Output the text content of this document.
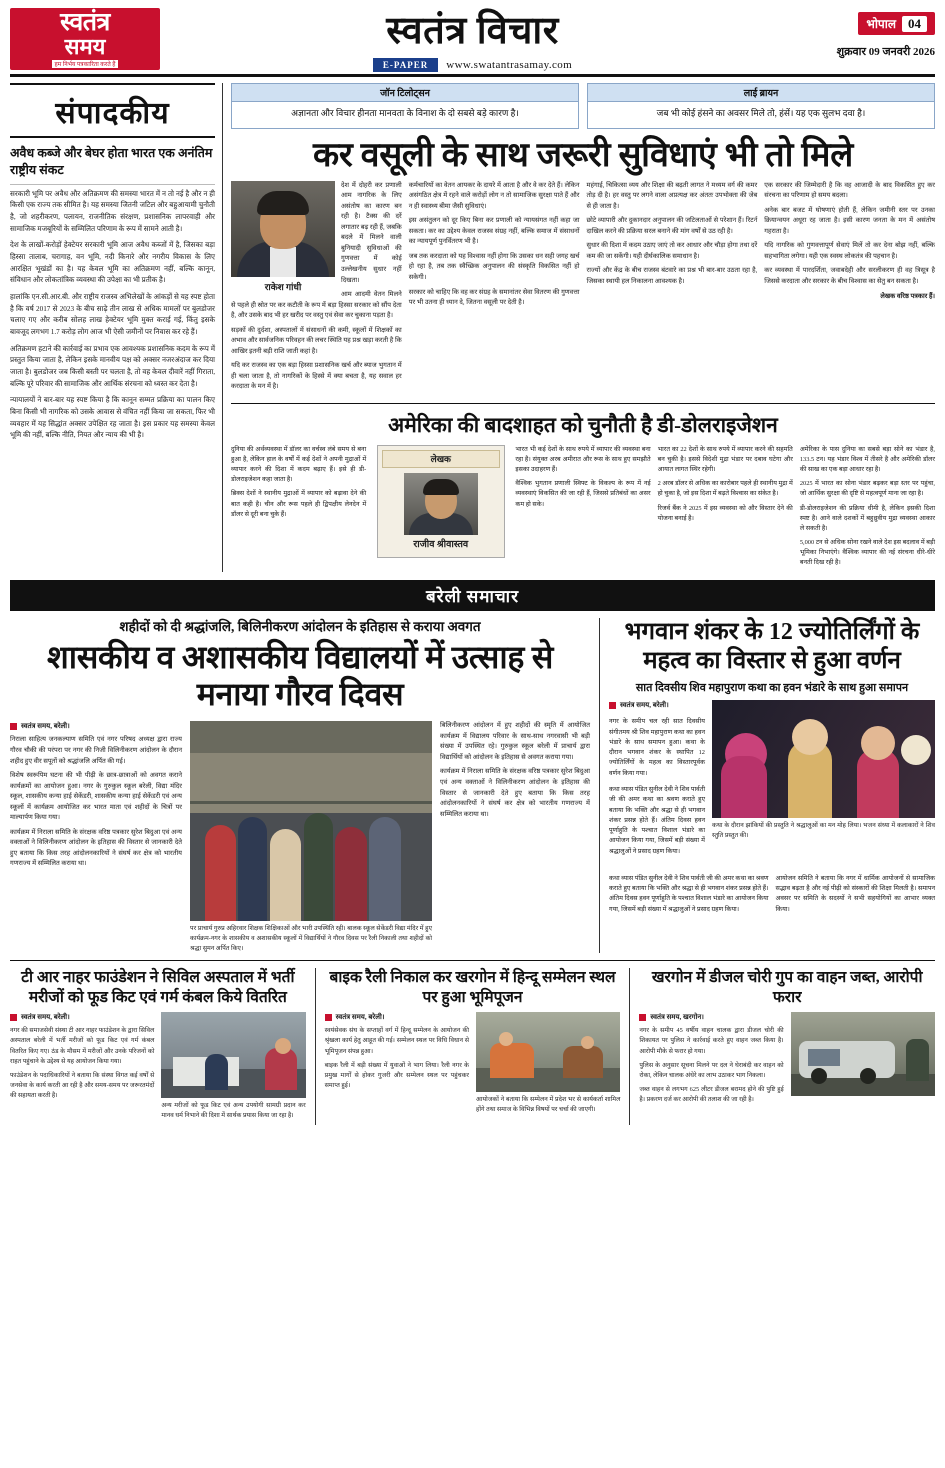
स्वतंत्र
समय
हम निर्भय पत्रकारिता करते हैं
स्वतंत्र विचार
E-PAPER	www.swatantrasamay.com
भोपाल 04
शुक्रवार 09 जनवरी 2026
संपादकीय
अवैध कब्जे और बेघर होता भारत एक अनंतिम राष्ट्रीय संकट

सरकारी भूमि पर अवैध और अतिक्रमण की समस्या भारत में न तो नई है और न ही किसी एक राज्य तक सीमित है। यह समस्या जितनी जटिल और बहुआयामी चुनौती है, जो शहरीकरण, पलायन, राजनीतिक संरक्षण, प्रशासनिक लापरवाही और सामाजिक मजबूरियों के सम्मिलित परिणाम के रूप में सामने आती है।

देश के लाखों-करोड़ों हेक्टेयर सरकारी भूमि आज अवैध कब्जों में है, जिसका बड़ा हिस्सा तालाब, चरागाह, वन भूमि, नदी किनारे और नगरीय विकास के लिए आरक्षित भूखंडों का है। यह केवल भूमि का अतिक्रमण नहीं, बल्कि कानून, संविधान और लोकतांत्रिक व्यवस्था की उपेक्षा का भी प्रतीक है।

हालांकि एन.सी.आर.बी. और राष्ट्रीय राजस्व अभिलेखों के आंकड़ों से यह स्पष्ट होता है कि वर्ष 2017 से 2023 के बीच साढ़े तीन लाख से अधिक मामलों पर बुलडोजर चलाए गए और करीब सोलह लाख हेक्टेयर भूमि मुक्त कराई गई, किंतु इसके बावजूद लगभग 1.7 करोड़ लोग आज भी ऐसी जमीनों पर निवास कर रहे हैं।

अतिक्रमण हटाने की कार्रवाई का प्रभाव एक आवश्यक प्रशासनिक कदम के रूप में प्रस्तुत किया जाता है, लेकिन इसके मानवीय पक्ष को अक्सर नजरअंदाज कर दिया जाता है। बुलडोजर जब किसी बस्ती पर चलता है, तो वह केवल दीवारें नहीं गिराता, बल्कि पूरे परिवार की सामाजिक और आर्थिक संरचना को ध्वस्त कर देता है।

न्यायालयों ने बार-बार यह स्पष्ट किया है कि कानून सम्मत प्रक्रिया का पालन किए बिना किसी भी नागरिक को उसके आवास से वंचित नहीं किया जा सकता, फिर भी व्यवहार में यह सिद्धांत अक्सर उपेक्षित रह जाता है। इस प्रकार यह समस्या केवल भूमि की नहीं, बल्कि नीति, नियत और न्याय की भी है।

जॉन टिलोट्सन
अज्ञानता और विचार हीनता मानवता के विनाश के दो सबसे बड़े कारण है।
लाई ब्रायन
जब भी कोई हंसने का अवसर मिले तो, हंसें। यह एक सुलभ दवा है।
कर वसूली के साथ जरूरी सुविधाएं भी तो मिले
राकेश गांधी

देश में दोहरी कर प्रणाली आम नागरिक के लिए असंतोष का कारण बन रही है। टैक्स की दरें लगातार बढ़ रही हैं, जबकि बदले में मिलने वाली बुनियादी सुविधाओं की गुणवत्ता में कोई उल्लेखनीय सुधार नहीं दिखता।

आम आदमी वेतन मिलने से पहले ही स्रोत पर कर कटौती के रूप में बड़ा हिस्सा सरकार को सौंप देता है, और उसके बाद भी हर खरीद पर वस्तु एवं सेवा कर चुकाना पड़ता है।

सड़कों की दुर्दशा, अस्पतालों में संसाधनों की कमी, स्कूलों में शिक्षकों का अभाव और सार्वजनिक परिवहन की लचर स्थिति यह प्रश्न खड़ा करती है कि आखिर इतनी बड़ी राशि जाती कहां है।

यदि कर राजस्व का एक बड़ा हिस्सा प्रशासनिक खर्च और ब्याज भुगतान में ही चला जाता है, तो नागरिकों के हिस्से में क्या बचता है, यह सवाल हर करदाता के मन में है।

कर्मचारियों का वेतन आयकर के दायरे में आता है और वे कर देते हैं। लेकिन असंगठित क्षेत्र में रहने वाले करोड़ों लोग न तो सामाजिक सुरक्षा पाते हैं और न ही स्वास्थ्य बीमा जैसी सुविधाएं।

इस असंतुलन को दूर किए बिना कर प्रणाली को न्यायसंगत नहीं कहा जा सकता। कर का उद्देश्य केवल राजस्व संग्रह नहीं, बल्कि समाज में संसाधनों का न्यायपूर्ण पुनर्वितरण भी है।

जब तक करदाता को यह विश्वास नहीं होगा कि उसका धन सही जगह खर्च हो रहा है, तब तक स्वैच्छिक अनुपालन की संस्कृति विकसित नहीं हो सकेगी।

सरकार को चाहिए कि वह कर संग्रह के समानांतर सेवा वितरण की गुणवत्ता पर भी उतना ही ध्यान दे, जितना वसूली पर देती है।

महंगाई, चिकित्सा व्यय और शिक्षा की बढ़ती लागत ने मध्यम वर्ग की कमर तोड़ दी है। हर वस्तु पर लगने वाला अप्रत्यक्ष कर अंततः उपभोक्ता की जेब से ही जाता है।

छोटे व्यापारी और दुकानदार अनुपालन की जटिलताओं से परेशान हैं। रिटर्न दाखिल करने की प्रक्रिया सरल बनाने की मांग वर्षों से उठ रही है।

सुधार की दिशा में कदम उठाए जाएं तो कर आधार और चौड़ा होगा तथा दरें कम की जा सकेंगी। यही दीर्घकालिक समाधान है।

राज्यों और केंद्र के बीच राजस्व बंटवारे का प्रश्न भी बार-बार उठता रहा है, जिसका स्थायी हल निकालना आवश्यक है।

एक सरकार की जिम्मेदारी है कि वह आजादी के बाद विकसित हुए कर संरचना का परिणाम हो समय बदला।

अनेक बार बजट में घोषणाएं होती हैं, लेकिन जमीनी स्तर पर उनका क्रियान्वयन अधूरा रह जाता है। इसी कारण जनता के मन में असंतोष गहराता है।

यदि नागरिक को गुणवत्तापूर्ण सेवाएं मिलें तो कर देना बोझ नहीं, बल्कि सहभागिता लगेगा। यही एक स्वस्थ लोकतंत्र की पहचान है।

कर व्यवस्था में पारदर्शिता, जवाबदेही और सरलीकरण ही वह त्रिसूत्र है जिससे करदाता और सरकार के बीच विश्वास का सेतु बन सकता है।

लेखक वरिष्ठ पत्रकार हैं।

अमेरिका की बादशाहत को चुनौती है डी-डोलराइजेशन

दुनिया की अर्थव्यवस्था में डॉलर का वर्चस्व लंबे समय से बना हुआ है, लेकिन हाल के वर्षों में कई देशों ने अपनी मुद्राओं में व्यापार करने की दिशा में कदम बढ़ाए हैं। इसे ही डी-डोलराइजेशन कहा जाता है।

ब्रिक्स देशों ने स्थानीय मुद्राओं में व्यापार को बढ़ावा देने की बात कही है। चीन और रूस पहले ही द्विपक्षीय लेनदेन में डॉलर से दूरी बना चुके हैं।

लेखक
राजीव श्रीवास्तव

भारत भी कई देशों के साथ रुपये में व्यापार की व्यवस्था बना रहा है। संयुक्त अरब अमीरात और रूस के साथ हुए समझौते इसका उदाहरण हैं।

वैश्विक भुगतान प्रणाली स्विफ्ट के विकल्प के रूप में नई व्यवस्थाएं विकसित की जा रही हैं, जिससे प्रतिबंधों का असर कम हो सके।

भारत का 22 देशों के साथ रुपये में व्यापार करने की सहमति बन चुकी है। इससे विदेशी मुद्रा भंडार पर दबाव घटेगा और आयात लागत स्थिर रहेगी।

2 अरब डॉलर से अधिक का कारोबार पहले ही स्थानीय मुद्रा में हो चुका है, जो इस दिशा में बढ़ते विश्वास का संकेत है।

रिजर्व बैंक ने 2025 में इस व्यवस्था को और विस्तार देने की योजना बनाई है।

अमेरिका के पास दुनिया का सबसे बड़ा सोने का भंडार है, 133.5 टन। यह भंडार विश्व में तीसरे है और अमेरिकी डॉलर की साख का एक बड़ा आधार रहा है।

2025 में भारत का सोना भंडार बढ़कर बड़ा स्तर पर पहुंचा, जो आर्थिक सुरक्षा की दृष्टि से महत्वपूर्ण माना जा रहा है।

डी-डोलराइजेशन की प्रक्रिया धीमी है, लेकिन इसकी दिशा स्पष्ट है। आने वाले दशकों में बहुध्रुवीय मुद्रा व्यवस्था आकार ले सकती है।

5,000 टन से अधिक सोना रखने वाले देश इस बदलाव में बड़ी भूमिका निभाएंगे। वैश्विक व्यापार की नई संरचना धीरे-धीरे बनती दिख रही है।

बरेली समाचार
शहीदों को दी श्रद्धांजलि, बिलिनीकरण आंदोलन के इतिहास से कराया अवगत
शासकीय व अशासकीय विद्यालयों में उत्साह से मनाया गौरव दिवस
स्वतंत्र समय, बरेली।

निराला साहित्य जनकल्याण समिति एवं नगर परिषद अध्यक्ष द्वारा राज्य गौरव चौकी की परंपरा पर नगर की निजी विलिनीकरण आंदोलन के दौरान शहीद हुए वीर सपूतों को श्रद्धांजलि अर्पित की गई।

विशेष स्वरूपिम घटना की भी पीढ़ी के छात्र-छात्राओं को अवगत कराने कार्यक्रमों का आयोजन हुआ। नगर के गुरुकुल स्कूल बरेली, विद्या मंदिर स्कूल, शासकीय कन्या हाई सेकेंडरी, शासकीय कन्या हाई सेकेंडरी एवं अन्य स्कूलों में कार्यक्रम आयोजित कर भारत माता एवं शहीदों के चित्रों पर माल्यार्पण किया गया।

कार्यक्रम में निराला समिति के संरक्षक वरिष्ठ पत्रकार सुरेश बिदुआ एवं अन्य वक्ताओं ने विलिनीकरण आंदोलन के इतिहास की विस्तार से जानकारी देते हुए बताया कि किस तरह आंदोलनकारियों ने संघर्ष कर क्षेत्र को भारतीय गणराज्य में सम्मिलित कराया था।

पर प्राचार्य गुरुप्र अहिरवार शिक्षक शिक्षिकाओं और भारी उपस्थिति रही। बालक स्कूल सेकेंडरी विद्या मंदिर में हुए कार्यक्रम-नगर के शासकीय व अशासकीय स्कूलों में विद्यार्थियों ने गौरव दिवस पर रैली निकाली तथा शहीदों को श्रद्धा सुमन अर्पित किए।

बिलिनीकरण आंदोलन में हुए शहीदों की स्मृति में आयोजित कार्यक्रम में विद्यालय परिवार के साथ-साथ नगरवासी भी बड़ी संख्या में उपस्थित रहे। गुरुकुल स्कूल बरेली में प्राचार्य द्वारा विद्यार्थियों को आंदोलन के इतिहास से अवगत कराया गया।

कार्यक्रम में निराला समिति के संरक्षक वरिष्ठ पत्रकार सुरेश बिदुआ एवं अन्य वक्ताओं ने विलिनीकरण आंदोलन के इतिहास की विस्तार से जानकारी देते हुए बताया कि किस तरह आंदोलनकारियों ने संघर्ष कर क्षेत्र को भारतीय गणराज्य में सम्मिलित कराया था।

भगवान शंकर के 12 ज्योतिर्लिंगों के महत्व का विस्तार से हुआ वर्णन
सात दिवसीय शिव महापुराण कथा का हवन भंडारे के साथ हुआ समापन
स्वतंत्र समय, बरेली।

नगर के समीप चल रही सात दिवसीय संगीतमय श्री शिव महापुराण कथा का हवन भंडारे के साथ समापन हुआ। कथा के दौरान भगवान शंकर के स्थापित 12 ज्योतिर्लिंगों के महत्व का विस्तारपूर्वक वर्णन किया गया।

कथा व्यास पंडित सुनील देवी ने शिव पार्वती जी की अमर कथा का श्रवण कराते हुए बताया कि भक्ति और श्रद्धा से ही भगवान शंकर प्रसन्न होते हैं। अंतिम दिवस हवन पूर्णाहुति के पश्चात विशाल भंडारे का आयोजन किया गया, जिसमें बड़ी संख्या में श्रद्धालुओं ने प्रसाद ग्रहण किया।

कथा के दौरान झांकियों की प्रस्तुति ने श्रद्धालुओं का मन मोह लिया। भजन संध्या में कलाकारों ने शिव स्तुति प्रस्तुत की।

कथा व्यास पंडित सुनील देवी ने शिव पार्वती जी की अमर कथा का श्रवण कराते हुए बताया कि भक्ति और श्रद्धा से ही भगवान शंकर प्रसन्न होते हैं। अंतिम दिवस हवन पूर्णाहुति के पश्चात विशाल भंडारे का आयोजन किया गया, जिसमें बड़ी संख्या में श्रद्धालुओं ने प्रसाद ग्रहण किया।

आयोजन समिति ने बताया कि नगर में धार्मिक आयोजनों से सामाजिक सद्भाव बढ़ता है और नई पीढ़ी को संस्कारों की शिक्षा मिलती है। समापन अवसर पर समिति के सदस्यों ने सभी सहयोगियों का आभार व्यक्त किया।

टी आर नाहर फाउंडेशन ने सिविल अस्पताल में भर्ती मरीजों को फूड किट एवं गर्म कंबल किये वितरित
स्वतंत्र समय, बरेली।

नगर की समाजसेवी संस्था टी आर नाहर फाउंडेशन के द्वारा सिविल अस्पताल बरेली में भर्ती मरीजों को फूड किट एवं गर्म कंबल वितरित किए गए। ठंड के मौसम में मरीजों और उनके परिजनों को राहत पहुंचाने के उद्देश्य से यह आयोजन किया गया।

फाउंडेशन के पदाधिकारियों ने बताया कि संस्था विगत कई वर्षों से जनसेवा के कार्य करती आ रही है और समय-समय पर जरूरतमंदों की सहायता करती है।

अन्य मरीजों को फूड किट एवं अन्य उपयोगी सामग्री प्रदान कर मानव धर्म निभाने की दिशा में सार्थक प्रयास किया जा रहा है।

बाइक रैली निकाल कर खरगोन में हिन्दू सम्मेलन स्थल पर हुआ भूमिपूजन
स्वतंत्र समय, बरेली।

स्वयंसेवक संघ के सप्ताहों वर्ग में हिन्दू सम्मेलन के आयोजन की श्रृंखला कार्य हेतु आहूत की गई। सम्मेलन स्थल पर विधि विधान से भूमिपूजन संपन्न हुआ।

बाइक रैली में बड़ी संख्या में युवाओं ने भाग लिया। रैली नगर के प्रमुख मार्गों से होकर गुजरी और सम्मेलन स्थल पर पहुंचकर समाप्त हुई।

आयोजकों ने बताया कि सम्मेलन में प्रदेश भर से कार्यकर्ता शामिल होंगे तथा समाज के विभिन्न विषयों पर चर्चा की जाएगी।

खरगोन में डीजल चोरी गुप का वाहन जब्त, आरोपी फरार
स्वतंत्र समय, खरगोन।

नगर के समीप 45 वर्षीय वाहन चालक द्वारा डीजल चोरी की शिकायत पर पुलिस ने कार्रवाई करते हुए वाहन जब्त किया है। आरोपी मौके से फरार हो गया।

पुलिस के अनुसार सूचना मिलने पर दल ने घेराबंदी कर वाहन को रोका, लेकिन चालक अंधेरे का लाभ उठाकर भाग निकला।

जब्त वाहन से लगभग 625 लीटर डीजल बरामद होने की पुष्टि हुई है। प्रकरण दर्ज कर आरोपी की तलाश की जा रही है।
